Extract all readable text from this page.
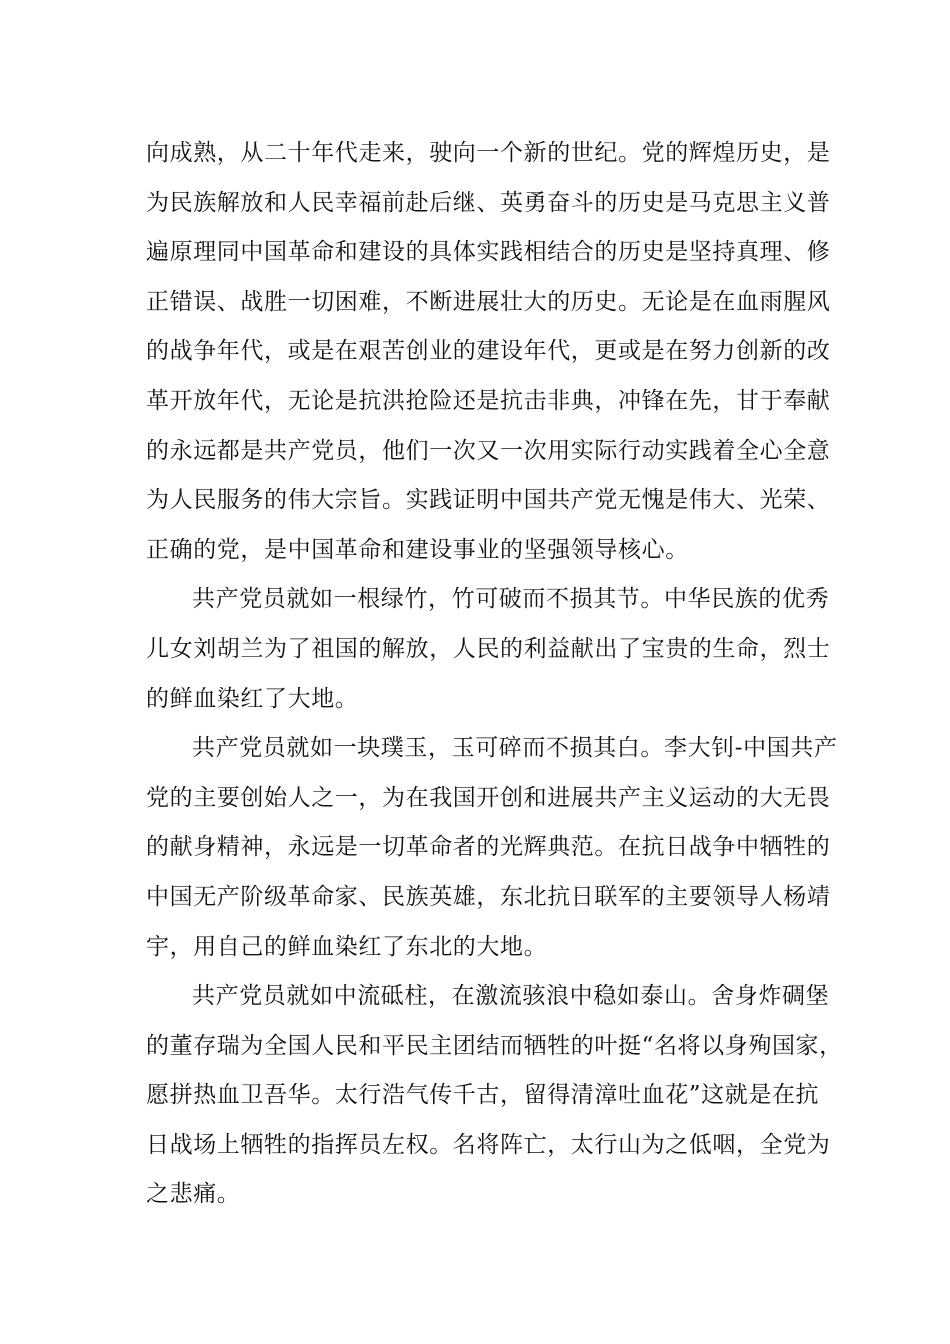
向成熟，从二十年代走来，驶向一个新的世纪。党的辉煌历史，是
为民族解放和人民幸福前赴后继、英勇奋斗的历史是马克思主义普
遍原理同中国革命和建设的具体实践相结合的历史是坚持真理、修
正错误、战胜一切困难，不断进展壮大的历史。无论是在血雨腥风
的战争年代，或是在艰苦创业的建设年代，更或是在努力创新的改
革开放年代，无论是抗洪抢险还是抗击非典，冲锋在先，甘于奉献
的永远都是共产党员，他们一次又一次用实际行动实践着全心全意
为人民服务的伟大宗旨。实践证明中国共产党无愧是伟大、光荣、
正确的党，是中国革命和建设事业的坚强领导核心。
共产党员就如一根绿竹，竹可破而不损其节。中华民族的优秀
儿女刘胡兰为了祖国的解放，人民的利益献出了宝贵的生命，烈士
的鲜血染红了大地。
共产党员就如一块璞玉，玉可碎而不损其白。李大钊-中国共产
党的主要创始人之一，为在我国开创和进展共产主义运动的大无畏
的献身精神，永远是一切革命者的光辉典范。在抗日战争中牺牲的
中国无产阶级革命家、民族英雄，东北抗日联军的主要领导人杨靖
宇，用自己的鲜血染红了东北的大地。
共产党员就如中流砥柱，在激流骇浪中稳如泰山。舍身炸碉堡
的董存瑞为全国人民和平民主团结而牺牲的叶挺“名将以身殉国家，
愿拼热血卫吾华。太行浩气传千古，留得清漳吐血花”这就是在抗
日战场上牺牲的指挥员左权。名将阵亡，太行山为之低咽，全党为
之悲痛。
